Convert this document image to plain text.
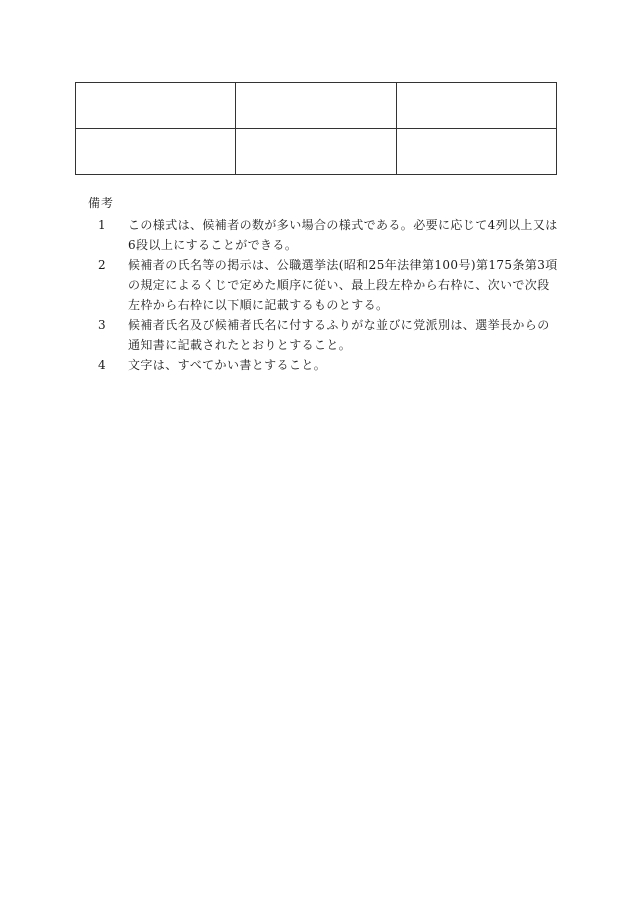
備考

1 この様式は、候補者の数が多い場合の様式である。必要に応じて4列以上又は6段以上にすることができる。

2 候補者の氏名等の掲示は、公職選挙法(昭和25年法律第100号)第175条第3項の規定によるくじで定めた順序に従い、最上段左枠から右枠に、次いで次段左枠から右枠に以下順に記載するものとする。

3 候補者氏名及び候補者氏名に付するふりがな並びに党派別は、選挙長からの通知書に記載されたとおりとすること。

4 文字は、すべてかい書とすること。
